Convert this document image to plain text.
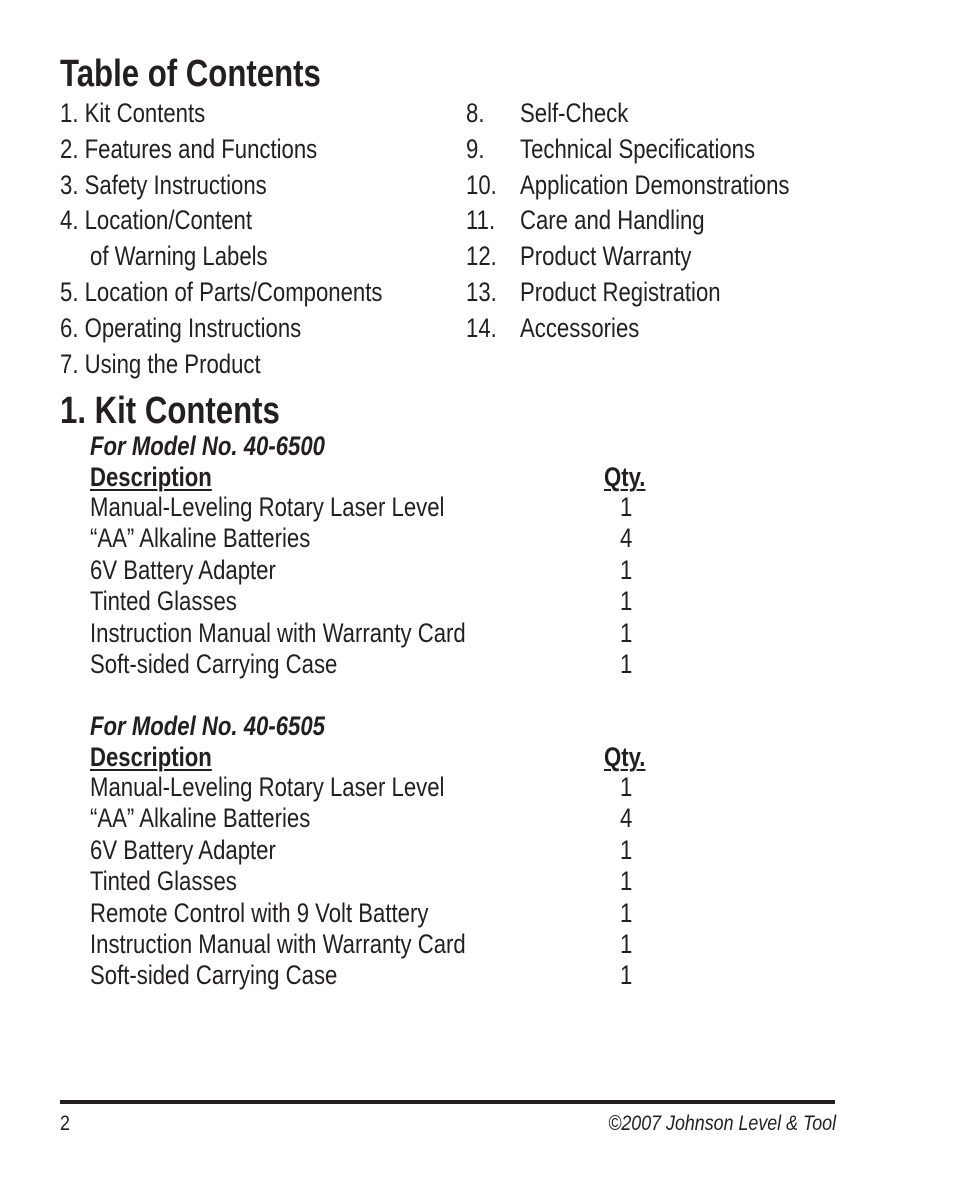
Table of Contents
1. Kit Contents
2. Features and Functions
3. Safety Instructions
4. Location/Content
of Warning Labels
5. Location of Parts/Components
6. Operating Instructions
7. Using the Product
8. Self-Check
9. Technical Specifications
10. Application Demonstrations
11. Care and Handling
12. Product Warranty
13. Product Registration
14. Accessories
1. Kit Contents
For Model No. 40-6500
Description	Qty.
Manual-Leveling Rotary Laser Level	1
“AA” Alkaline Batteries	4
6V Battery Adapter	1
Tinted Glasses	1
Instruction Manual with Warranty Card	1
Soft-sided Carrying Case	1
For Model No. 40-6505
Description	Qty.
Manual-Leveling Rotary Laser Level	1
“AA” Alkaline Batteries	4
6V Battery Adapter	1
Tinted Glasses	1
Remote Control with 9 Volt Battery	1
Instruction Manual with Warranty Card	1
Soft-sided Carrying Case	1
2	©2007 Johnson Level & Tool
